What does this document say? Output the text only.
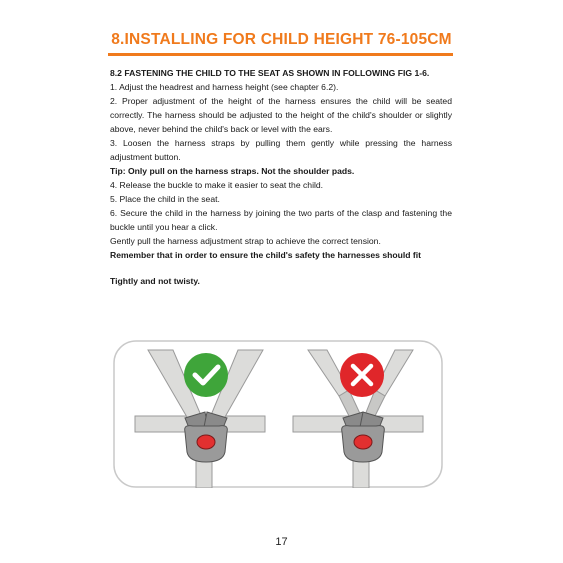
8.INSTALLING FOR CHILD HEIGHT 76-105CM

8.2 FASTENING THE CHILD TO THE SEAT AS SHOWN IN FOLLOWING FIG 1-6.

1. Adjust the headrest and harness height (see chapter 6.2).

2. Proper adjustment of the height of the harness ensures the child will be seated correctly. The harness should be adjusted to the height of the child's shoulder or slightly above, never behind the child's back or level with the ears.

3. Loosen the harness straps by pulling them gently while pressing the harness adjustment button.

Tip: Only pull on the harness straps. Not the shoulder pads.

4. Release the buckle to make it easier to seat the child.

5. Place the child in the seat.

6. Secure the child in the harness by joining the two parts of the clasp and fastening the buckle until you hear a click.

Gently pull the harness adjustment strap to achieve the correct tension.

Remember that in order to ensure the child's safety the harnesses should fit

Tightly and not twisty.

17
